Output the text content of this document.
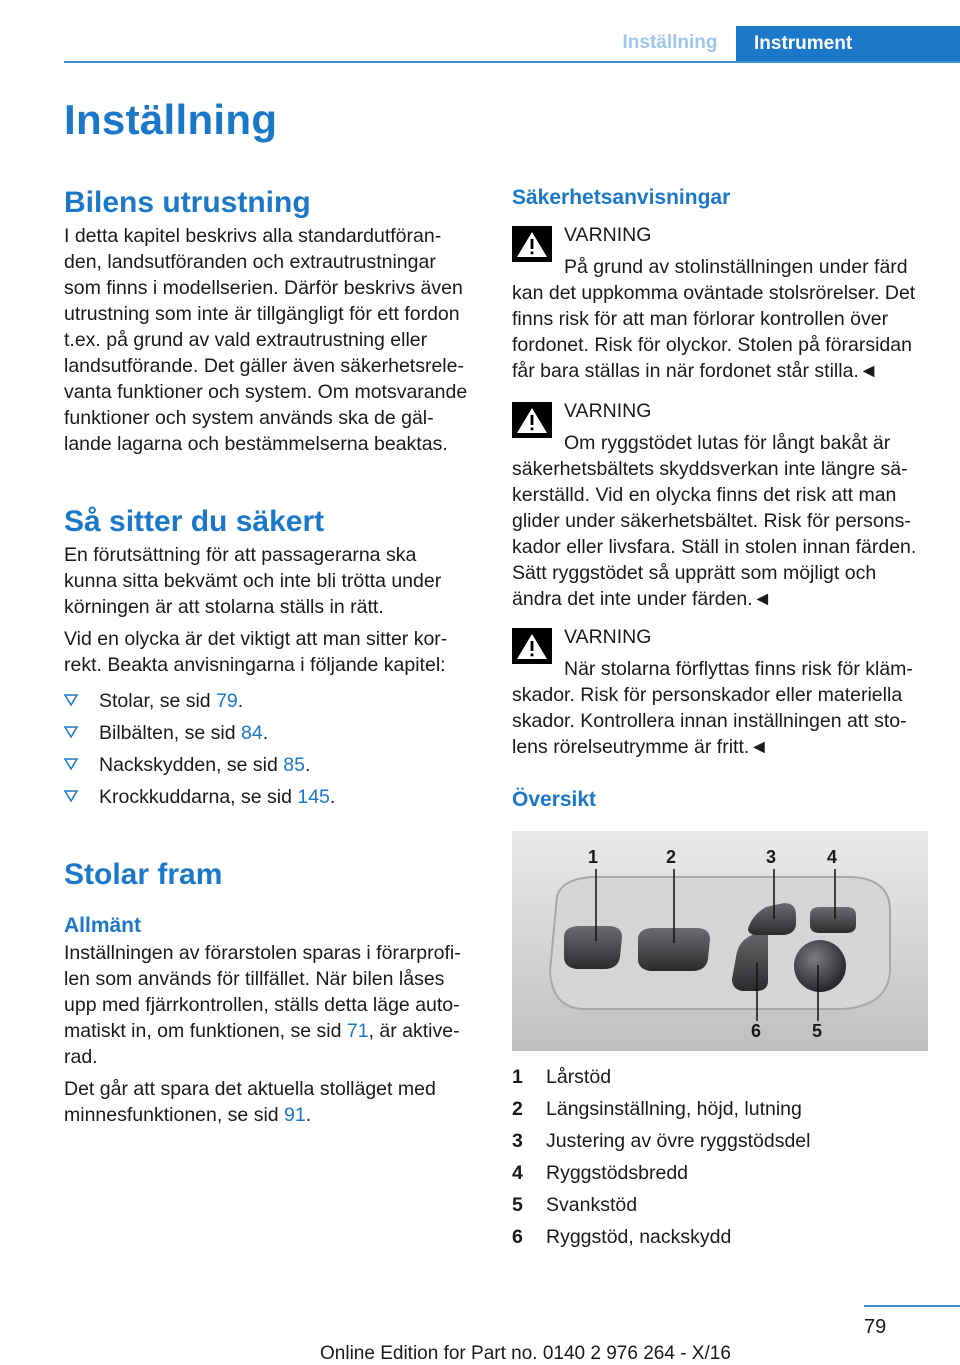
Inställning	Instrument
Inställning
Bilens utrustning

I detta kapitel beskrivs alla standardutföran-

den, landsutföranden och extrautrustningar

som finns i modellserien. Därför beskrivs även

utrustning som inte är tillgängligt för ett fordon

t.ex. på grund av vald extrautrustning eller

landsutförande. Det gäller även säkerhetsrele-

vanta funktioner och system. Om motsvarande

funktioner och system används ska de gäl-

lande lagarna och bestämmelserna beaktas.

Så sitter du säkert

En förutsättning för att passagerarna ska

kunna sitta bekvämt och inte bli trötta under

körningen är att stolarna ställs in rätt.

Vid en olycka är det viktigt att man sitter kor-

rekt. Beakta anvisningarna i följande kapitel:

Stolar, se sid 79.
Bilbälten, se sid 84.
Nackskydden, se sid 85.
Krockkuddarna, se sid 145.
Stolar fram
Allmänt

Inställningen av förarstolen sparas i förarprofi-

len som används för tillfället. När bilen låses

upp med fjärrkontrollen, ställs detta läge auto-

matiskt in, om funktionen, se sid 71, är aktive-

rad.

Det går att spara det aktuella stolläget med

minnesfunktionen, se sid 91.

Säkerhetsanvisningar

VARNING

På grund av stolinställningen under färd

kan det uppkomma oväntade stolsrörelser. Det

finns risk för att man förlorar kontrollen över

fordonet. Risk för olyckor. Stolen på förarsidan

får bara ställas in när fordonet står stilla.◄

VARNING

Om ryggstödet lutas för långt bakåt är

säkerhetsbältets skyddsverkan inte längre sä-

kerställd. Vid en olycka finns det risk att man

glider under säkerhetsbältet. Risk för persons-

kador eller livsfara. Ställ in stolen innan färden.

Sätt ryggstödet så upprätt som möjligt och

ändra det inte under färden.◄

VARNING

När stolarna förflyttas finns risk för kläm-

skador. Risk för personskador eller materiella

skador. Kontrollera innan inställningen att sto-

lens rörelseutrymme är fritt.◄

Översikt
1	2	3	4
5
6
1 Lårstöd
2 Längsinställning, höjd, lutning
3 Justering av övre ryggstödsdel
4 Ryggstödsbredd
5 Svankstöd
6 Ryggstöd, nackskydd
79
Online Edition for Part no. 0140 2 976 264 - X/16
